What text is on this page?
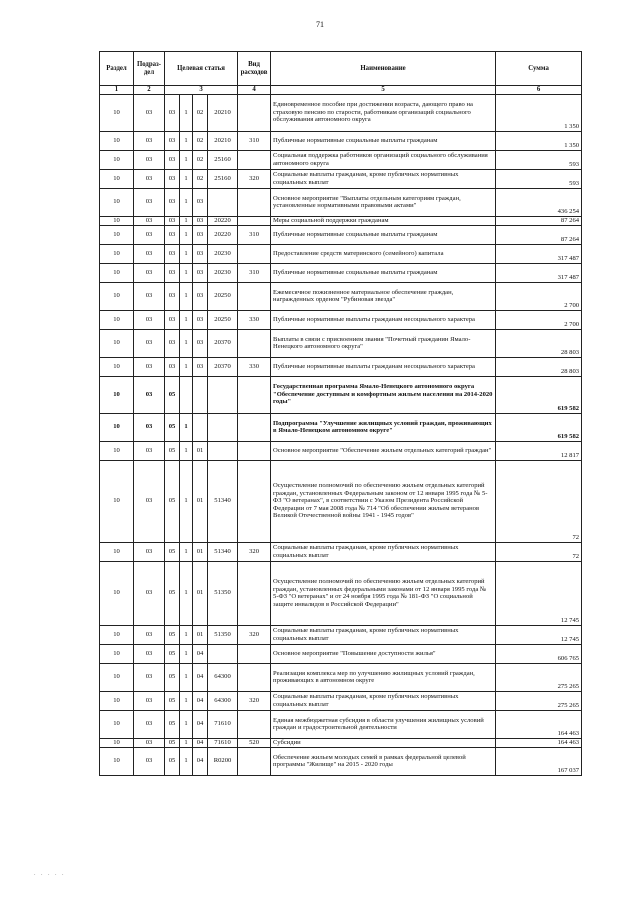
71
Раздел	Подраз-дел	Целевая статья				Вид расходов	Наименование	Сумма
1	2	3				4	5	6
10	03	03	1	02	20210		Единовременное пособие при достижении возраста, дающего право на страховую пенсию по старости, работникам организаций социального обслуживания автономного округа	1 350
10	03	03	1	02	20210	310	Публичные нормативные социальные выплаты гражданам	1 350
10	03	03	1	02	25160		Социальная поддержка работников организаций социального обслуживания автономного округа	593
10	03	03	1	02	25160	320	Социальные выплаты гражданам, кроме публичных нормативных социальных выплат	593
10	03	03	1	03			Основное мероприятие "Выплаты отдельным категориям граждан, установленные нормативными правовыми актами"	436 254
10	03	03	1	03	20220		Меры социальной поддержки гражданам	87 264
10	03	03	1	03	20220	310	Публичные нормативные социальные выплаты гражданам	87 264
10	03	03	1	03	20230		Предоставление средств материнского (семейного) капитала	317 487
10	03	03	1	03	20230	310	Публичные нормативные социальные выплаты гражданам	317 487
10	03	03	1	03	20250		Ежемесячное пожизненное материальное обеспечение граждан, награжденных орденом "Рубиновая звезда"	2 700
10	03	03	1	03	20250	330	Публичные нормативные выплаты гражданам несоциального характера	2 700
10	03	03	1	03	20370		Выплаты в связи с присвоением звания "Почетный гражданин Ямало-Ненецкого автономного округа"	28 803
10	03	03	1	03	20370	330	Публичные нормативные выплаты гражданам несоциального характера	28 803
10	03	05					Государственная программа Ямало-Ненецкого автономного округа "Обеспечение доступным и комфортным жильем населения на 2014-2020 годы"	619 582
10	03	05	1				Подпрограмма "Улучшение жилищных условий граждан, проживающих в Ямало-Ненецком автономном округе"	619 582
10	03	05	1	01			Основное мероприятие "Обеспечение жильем отдельных категорий граждан"	12 817
10	03	05	1	01	51340		Осуществление полномочий по обеспечению жильем отдельных категорий граждан, установленных Федеральным законом от 12 января 1995 года № 5-ФЗ "О ветеранах", в соответствии с Указом Президента Российской Федерации от 7 мая 2008 года № 714 "Об обеспечении жильем ветеранов Великой Отечественной войны 1941 - 1945 годов"	72
10	03	05	1	01	51340	320	Социальные выплаты гражданам, кроме публичных нормативных социальных выплат	72
10	03	05	1	01	51350		Осуществление полномочий по обеспечению жильем отдельных категорий граждан, установленных федеральными законами от 12 января 1995 года № 5-ФЗ "О ветеранах" и от 24 ноября 1995 года № 181-ФЗ "О социальной защите инвалидов в Российской Федерации"	12 745
10	03	05	1	01	51350	320	Социальные выплаты гражданам, кроме публичных нормативных социальных выплат	12 745
10	03	05	1	04			Основное мероприятие "Повышение доступности жилья"	606 765
10	03	05	1	04	64300		Реализация комплекса мер по улучшению жилищных условий граждан, проживающих в автономном округе	275 265
10	03	05	1	04	64300	320	Социальные выплаты гражданам, кроме публичных нормативных социальных выплат	275 265
10	03	05	1	04	71610		Единая межбюджетная субсидия в области улучшения жилищных условий граждан и градостроительной деятельности	164 463
10	03	05	1	04	71610	520	Субсидии	164 463
10	03	05	1	04	R0200		Обеспечение жильем молодых семей в рамках федеральной целевой программы "Жилище" на 2015 - 2020 годы	167 037
. . . . .
